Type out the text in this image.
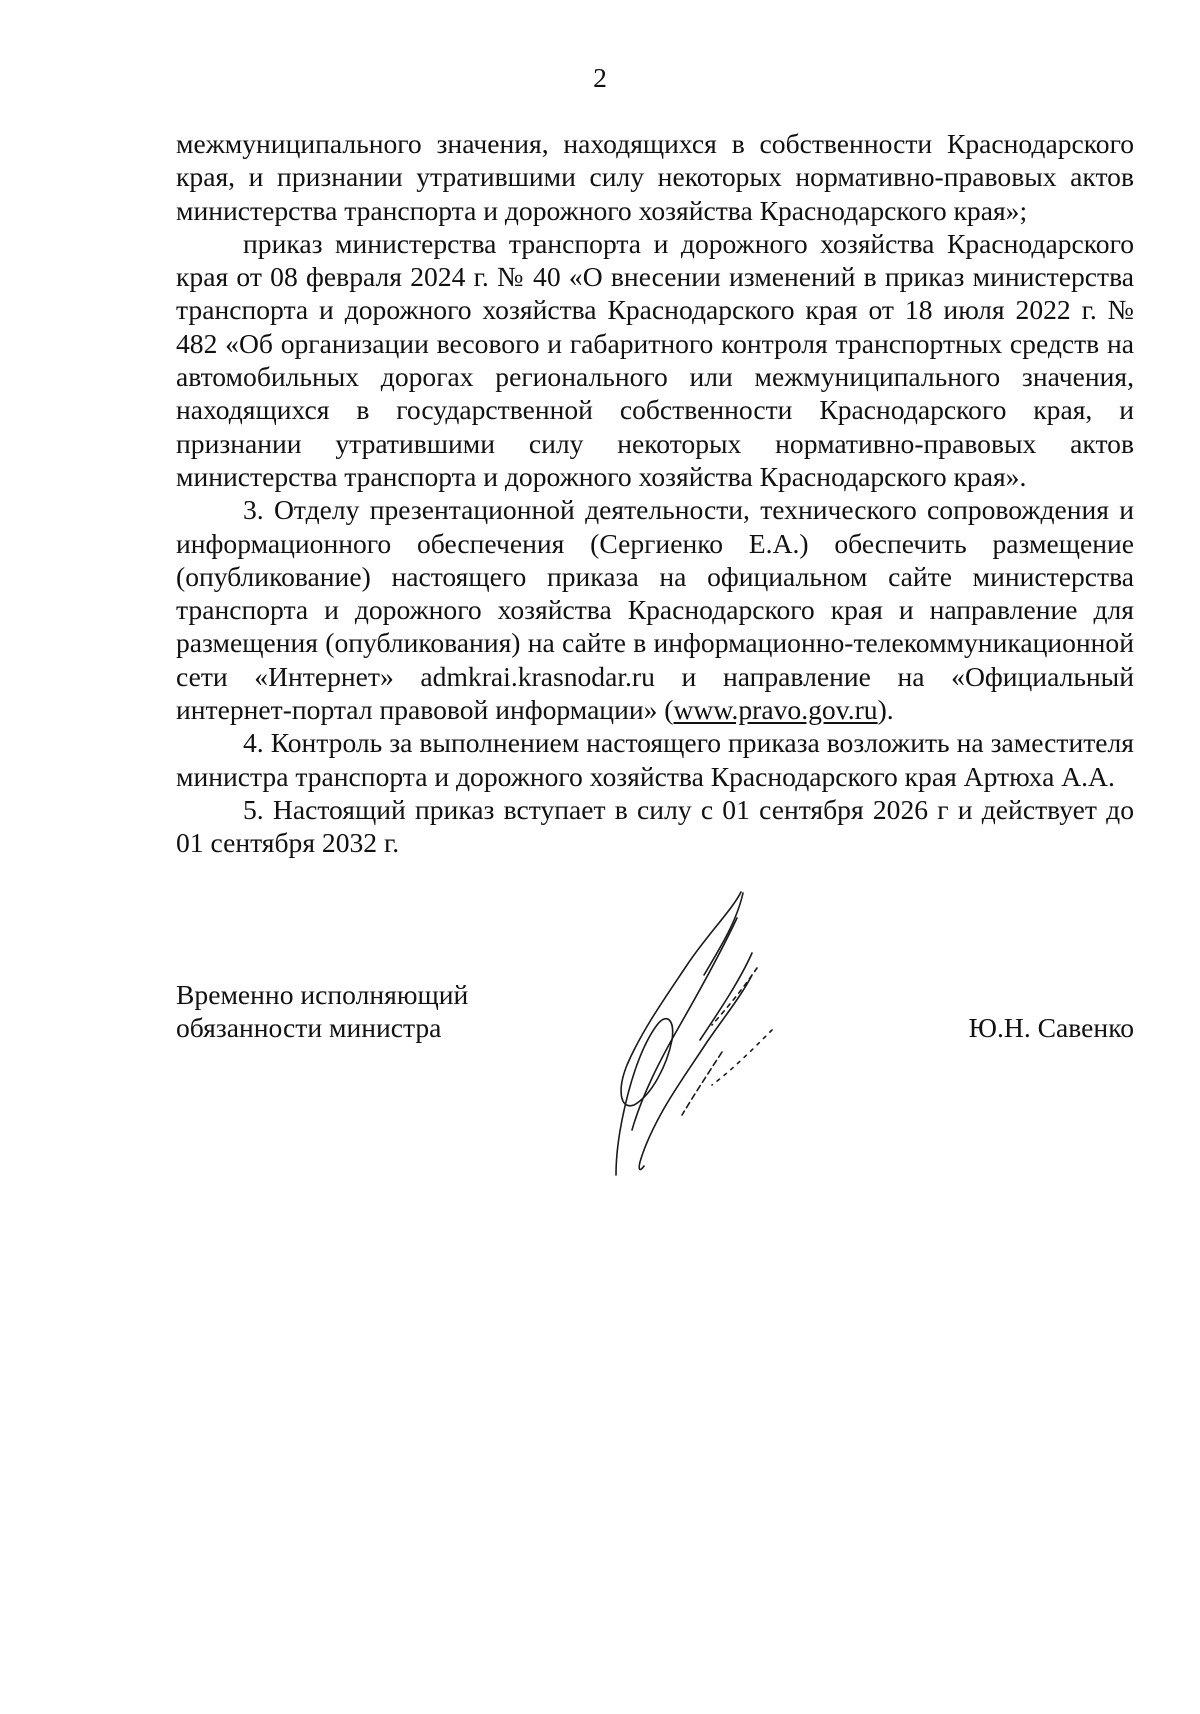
2

межмуниципального значения, находящихся в собственности Краснодарского края, и признании утратившими силу некоторых нормативно-правовых актов министерства транспорта и дорожного хозяйства Краснодарского края»;

приказ министерства транспорта и дорожного хозяйства Краснодарского края от 08 февраля 2024 г. № 40 «О внесении изменений в приказ министерства транспорта и дорожного хозяйства Краснодарского края от 18 июля 2022 г. № 482 «Об организации весового и габаритного контроля транспортных средств на автомобильных дорогах регионального или межмуниципального значения, находящихся в государственной собственности Краснодарского края, и признании утратившими силу некоторых нормативно-правовых актов министерства транспорта и дорожного хозяйства Краснодарского края».

3. Отделу презентационной деятельности, технического сопровождения и информационного обеспечения (Сергиенко Е.А.) обеспечить размещение (опубликование) настоящего приказа на официальном сайте министерства транспорта и дорожного хозяйства Краснодарского края и направление для размещения (опубликования) на сайте в информационно-телекоммуникационной сети «Интернет» admkrai.krasnodar.ru и направление на «Официальный интернет-портал правовой информации» (www.pravo.gov.ru).

4. Контроль за выполнением настоящего приказа возложить на заместителя министра транспорта и дорожного хозяйства Краснодарского края Артюха А.А.

5. Настоящий приказ вступает в силу с 01 сентября 2026 г и действует до 01 сентября 2032 г.

Временно исполняющий
обязанности министра	Ю.Н. Савенко
